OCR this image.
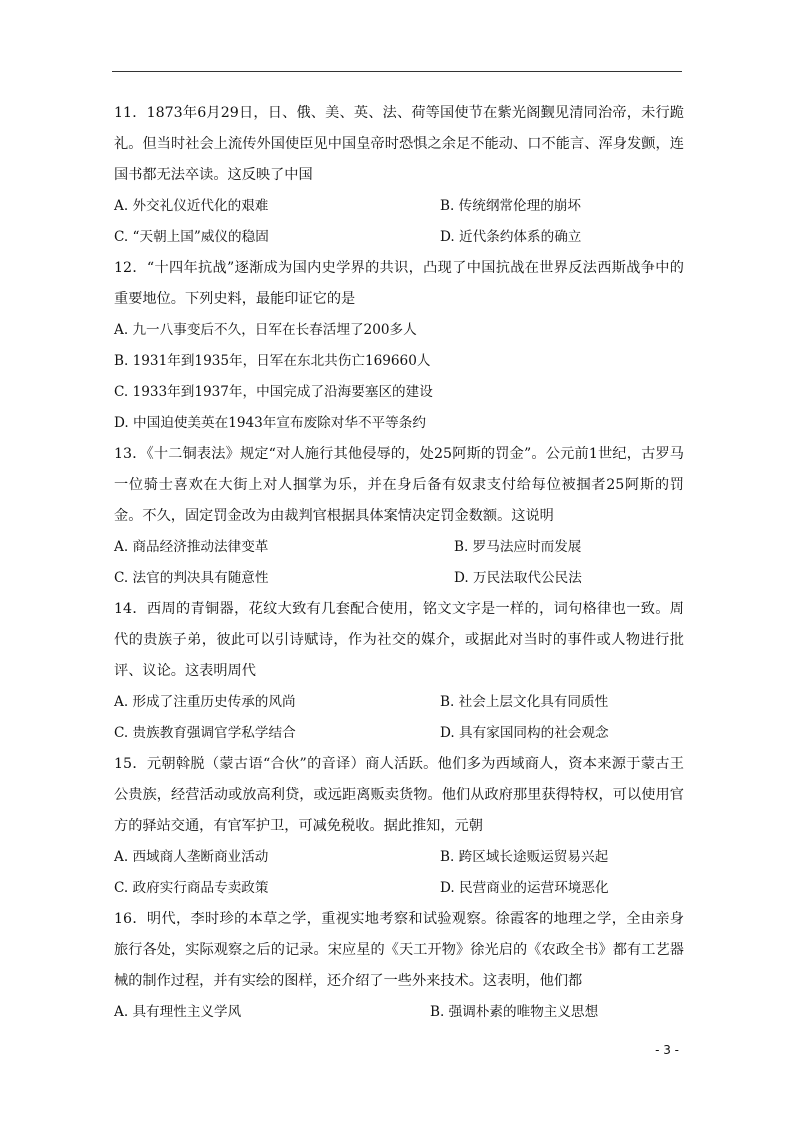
11．1873年6月29日，日、俄、美、英、法、荷等国使节在紫光阁觐见清同治帝，未行跪礼。但当时社会上流传外国使臣见中国皇帝时恐惧之余足不能动、口不能言、浑身发颤，连国书都无法卒读。这反映了中国

A. 外交礼仪近代化的艰难	B. 传统纲常伦理的崩坏
C. “天朝上国”威仪的稳固	D. 近代条约体系的确立

12．“十四年抗战”逐渐成为国内史学界的共识，凸现了中国抗战在世界反法西斯战争中的重要地位。下列史料，最能印证它的是

A. 九一八事变后不久，日军在长春活埋了200多人
B. 1931年到1935年，日军在东北共伤亡169660人
C. 1933年到1937年，中国完成了沿海要塞区的建设
D. 中国迫使美英在1943年宣布废除对华不平等条约

13．《十二铜表法》规定“对人施行其他侵辱的，处25阿斯的罚金”。公元前1世纪，古罗马一位骑士喜欢在大街上对人掴掌为乐，并在身后备有奴隶支付给每位被掴者25阿斯的罚金。不久，固定罚金改为由裁判官根据具体案情决定罚金数额。这说明

A. 商品经济推动法律变革	B. 罗马法应时而发展
C. 法官的判决具有随意性	D. 万民法取代公民法

14．西周的青铜器，花纹大致有几套配合使用，铭文文字是一样的，词句格律也一致。周代的贵族子弟，彼此可以引诗赋诗，作为社交的媒介，或据此对当时的事件或人物进行批评、议论。这表明周代

A. 形成了注重历史传承的风尚	B. 社会上层文化具有同质性
C. 贵族教育强调官学私学结合	D. 具有家国同构的社会观念

15．元朝斡脱（蒙古语“合伙”的音译）商人活跃。他们多为西域商人，资本来源于蒙古王公贵族，经营活动或放高利贷，或远距离贩卖货物。他们从政府那里获得特权，可以使用官方的驿站交通，有官军护卫，可减免税收。据此推知，元朝

A. 西域商人垄断商业活动	B. 跨区域长途贩运贸易兴起
C. 政府实行商品专卖政策	D. 民营商业的运营环境恶化

16．明代，李时珍的本草之学，重视实地考察和试验观察。徐霞客的地理之学，全由亲身旅行各处，实际观察之后的记录。宋应星的《天工开物》徐光启的《农政全书》都有工艺器械的制作过程，并有实绘的图样，还介绍了一些外来技术。这表明，他们都

A. 具有理性主义学风	B. 强调朴素的唯物主义思想
- 3 -
